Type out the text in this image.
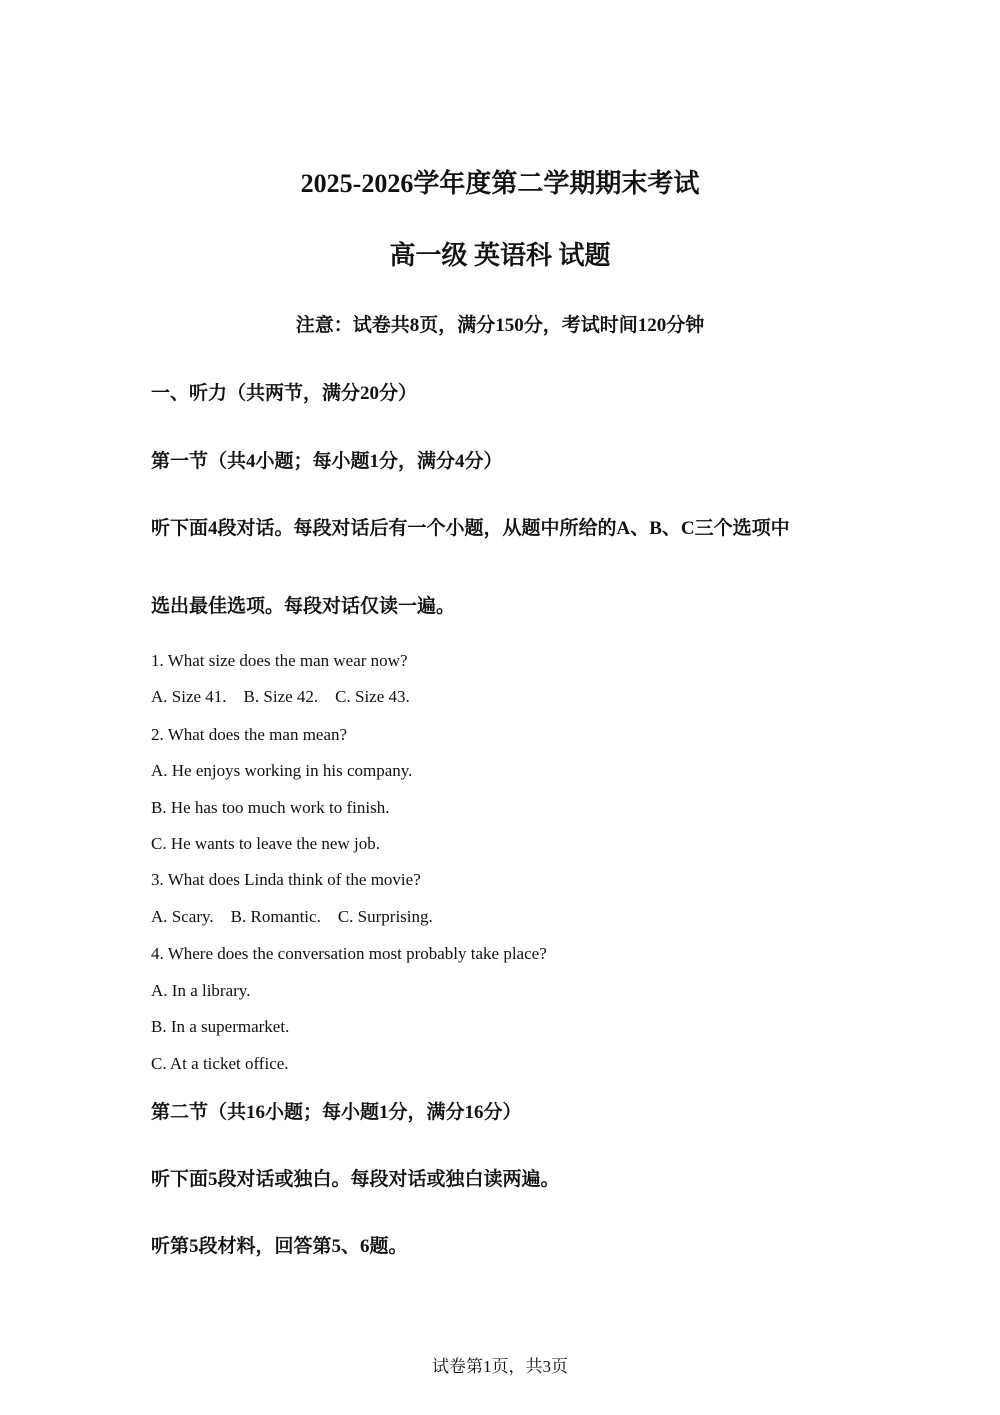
2025-2026学年度第二学期期末考试
高一级 英语科 试题
注意：试卷共8页，满分150分，考试时间120分钟
一、听力（共两节，满分20分）
第一节（共4小题；每小题1分，满分4分）
听下面4段对话。每段对话后有一个小题，从题中所给的A、B、C三个选项中
选出最佳选项。每段对话仅读一遍。
1. What size does the man wear now?
A. Size 41. B. Size 42. C. Size 43.
2. What does the man mean?
A. He enjoys working in his company.
B. He has too much work to finish.
C. He wants to leave the new job.
3. What does Linda think of the movie?
A. Scary. B. Romantic. C. Surprising.
4. Where does the conversation most probably take place?
A. In a library.
B. In a supermarket.
C. At a ticket office.
第二节（共16小题；每小题1分，满分16分）
听下面5段对话或独白。每段对话或独白读两遍。
听第5段材料，回答第5、6题。
试卷第1页，共3页
